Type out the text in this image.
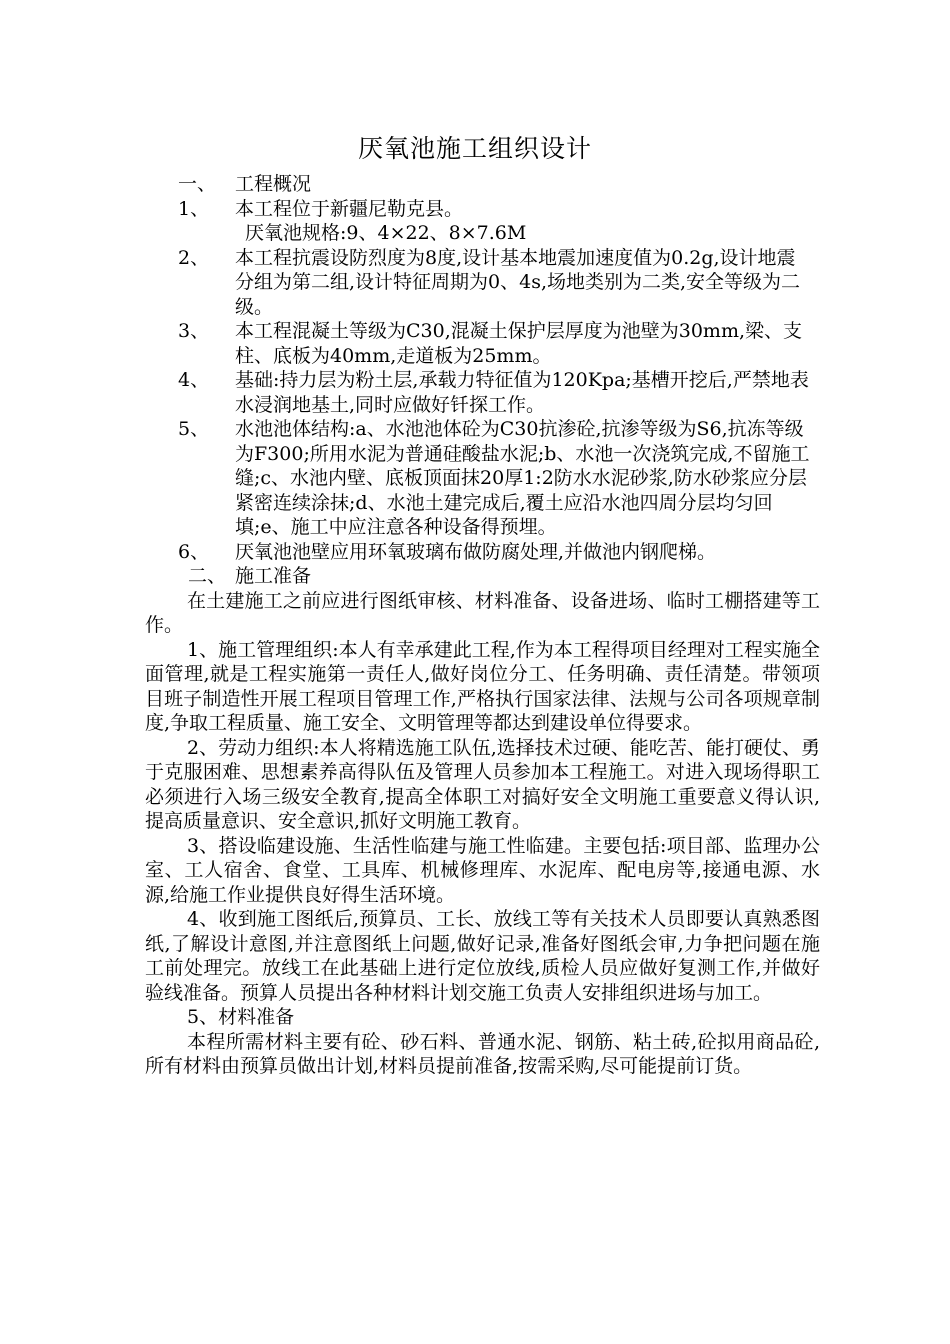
厌氧池施工组织设计
一、 工程概况
1、 本工程位于新疆尼勒克县。
厌氧池规格:9、4×22、8×7.6M
2、 本工程抗震设防烈度为8度,设计基本地震加速度值为0.2g,设计地震分组为第二组,设计特征周期为0、4s,场地类别为二类,安全等级为二级。
3、 本工程混凝土等级为C30,混凝土保护层厚度为池壁为30mm,梁、支柱、底板为40mm,走道板为25mm。
4、 基础:持力层为粉土层,承载力特征值为120Kpa;基槽开挖后,严禁地表水浸润地基土,同时应做好钎探工作。
5、 水池池体结构:a、水池池体砼为C30抗渗砼,抗渗等级为S6,抗冻等级为F300;所用水泥为普通硅酸盐水泥;b、水池一次浇筑完成,不留施工缝;c、水池内壁、底板顶面抹20厚1:2防水水泥砂浆,防水砂浆应分层紧密连续涂抹;d、水池土建完成后,覆土应沿水池四周分层均匀回填;e、施工中应注意各种设备得预埋。
6、 厌氧池池壁应用环氧玻璃布做防腐处理,并做池内钢爬梯。
二、 施工准备
在土建施工之前应进行图纸审核、材料准备、设备进场、临时工棚搭建等工作。
1、施工管理组织:本人有幸承建此工程,作为本工程得项目经理对工程实施全面管理,就是工程实施第一责任人,做好岗位分工、任务明确、责任清楚。带领项目班子制造性开展工程项目管理工作,严格执行国家法律、法规与公司各项规章制度,争取工程质量、施工安全、文明管理等都达到建设单位得要求。
2、劳动力组织:本人将精选施工队伍,选择技术过硬、能吃苦、能打硬仗、勇于克服困难、思想素养高得队伍及管理人员参加本工程施工。对进入现场得职工必须进行入场三级安全教育,提高全体职工对搞好安全文明施工重要意义得认识,提高质量意识、安全意识,抓好文明施工教育。
3、搭设临建设施、生活性临建与施工性临建。主要包括:项目部、监理办公室、工人宿舍、食堂、工具库、机械修理库、水泥库、配电房等,接通电源、水源,给施工作业提供良好得生活环境。
4、收到施工图纸后,预算员、工长、放线工等有关技术人员即要认真熟悉图纸,了解设计意图,并注意图纸上问题,做好记录,准备好图纸会审,力争把问题在施工前处理完。放线工在此基础上进行定位放线,质检人员应做好复测工作,并做好验线准备。预算人员提出各种材料计划交施工负责人安排组织进场与加工。
5、材料准备
本程所需材料主要有砼、砂石料、普通水泥、钢筋、粘土砖,砼拟用商品砼,所有材料由预算员做出计划,材料员提前准备,按需采购,尽可能提前订货。
